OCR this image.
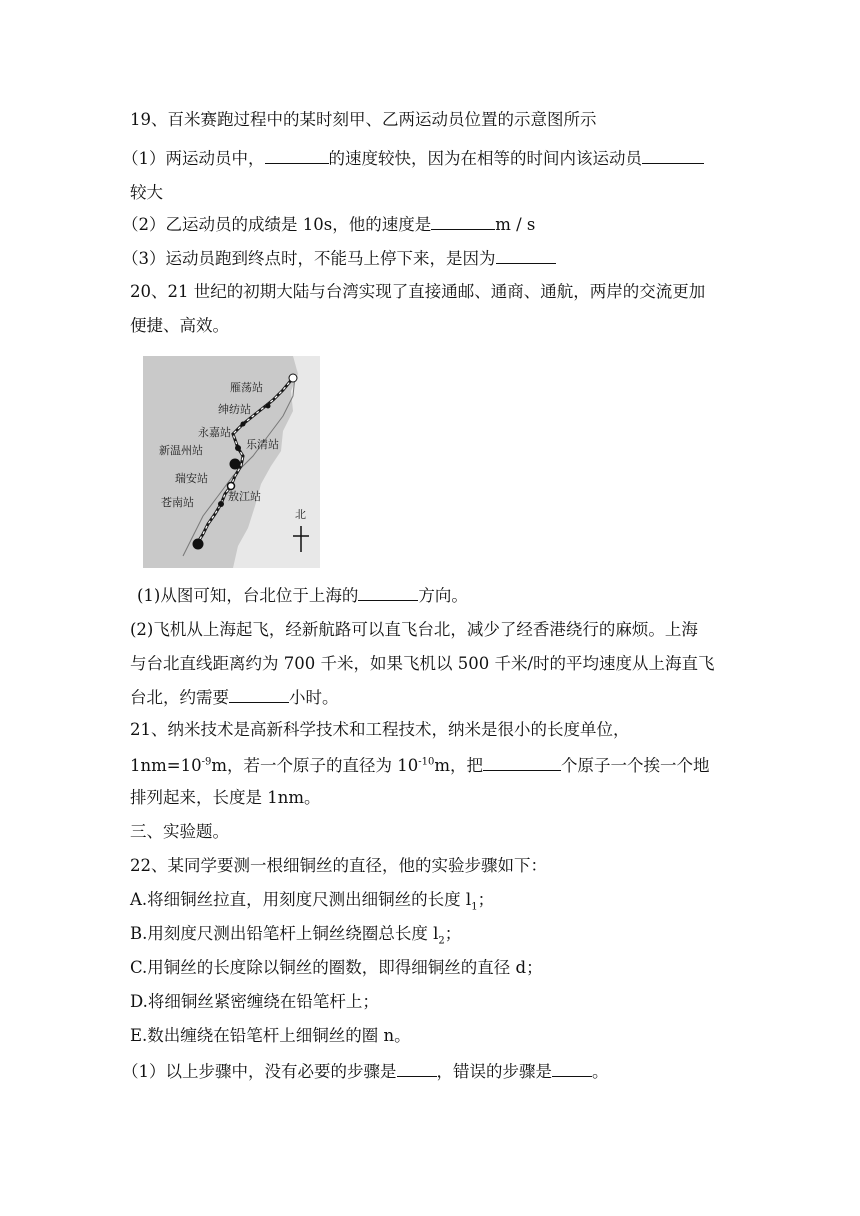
19、百米赛跑过程中的某时刻甲、乙两运动员位置的示意图所示
（1）两运动员中，	的速度较快，因为在相等的时间内该运动员
较大
（2）乙运动员的成绩是 10s，他的速度是	m / s
（3）运动员跑到终点时，不能马上停下来，是因为
20、21 世纪的初期大陆与台湾实现了直接通邮、通商、通航，两岸的交流更加
便捷、高效。
雁荡站
绅纺站
永嘉站
乐清站
新温州站
瑞安站
敖江站
苍南站
北
(1)从图可知，台北位于上海的	方向。
(2)飞机从上海起飞，经新航路可以直飞台北，减少了经香港绕行的麻烦。上海
与台北直线距离约为 700 千米，如果飞机以 500 千米/时的平均速度从上海直飞
台北，约需要	小时。
21、纳米技术是高新科学技术和工程技术，纳米是很小的长度单位，
$1nm=10^{-9}m$，若一个原子的直径为 $10^{-10}m$，把	个原子一个挨一个地
排列起来，长度是 1nm。
三、实验题。
22、某同学要测一根细铜丝的直径，他的实验步骤如下：
A.将细铜丝拉直，用刻度尺测出细铜丝的长度 $l_1$；
B.用刻度尺测出铅笔杆上铜丝绕圈总长度 $l_2$；
C.用铜丝的长度除以铜丝的圈数，即得细铜丝的直径 d；
D.将细铜丝紧密缠绕在铅笔杆上；
E.数出缠绕在铅笔杆上细铜丝的圈 n。
（1）以上步骤中，没有必要的步骤是 ，错误的步骤是 。
